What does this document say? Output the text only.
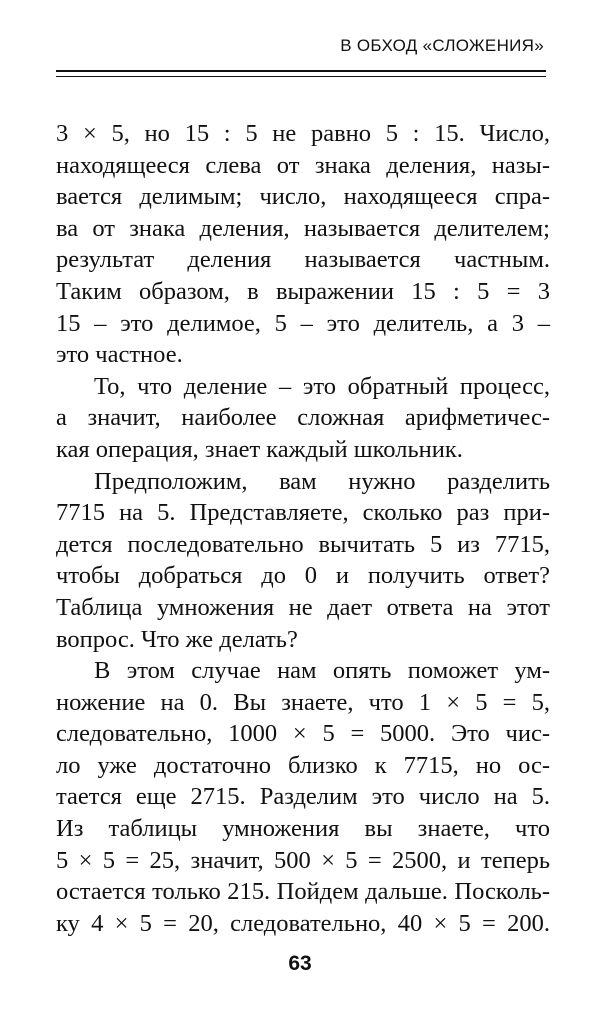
В ОБХОД «СЛОЖЕНИЯ»
3 × 5, но 15 : 5 не равно 5 : 15. Число,
находящееся слева от знака деления, назы-
вается делимым; число, находящееся спра-
ва от знака деления, называется делителем;
результат деления называется частным.
Таким образом, в выражении 15 : 5 = 3
15 – это делимое, 5 – это делитель, а 3 –
это частное.
То, что деление – это обратный процесс,
а значит, наиболее сложная арифметичес-
кая операция, знает каждый школьник.
Предположим, вам нужно разделить
7715 на 5. Представляете, сколько раз при-
дется последовательно вычитать 5 из 7715,
чтобы добраться до 0 и получить ответ?
Таблица умножения не дает ответа на этот
вопрос. Что же делать?
В этом случае нам опять поможет ум-
ножение на 0. Вы знаете, что 1 × 5 = 5,
следовательно, 1000 × 5 = 5000. Это чис-
ло уже достаточно близко к 7715, но ос-
тается еще 2715. Разделим это число на 5.
Из таблицы умножения вы знаете, что
5 × 5 = 25, значит, 500 × 5 = 2500, и теперь
остается только 215. Пойдем дальше. Посколь-
ку 4 × 5 = 20, следовательно, 40 × 5 = 200.
63
